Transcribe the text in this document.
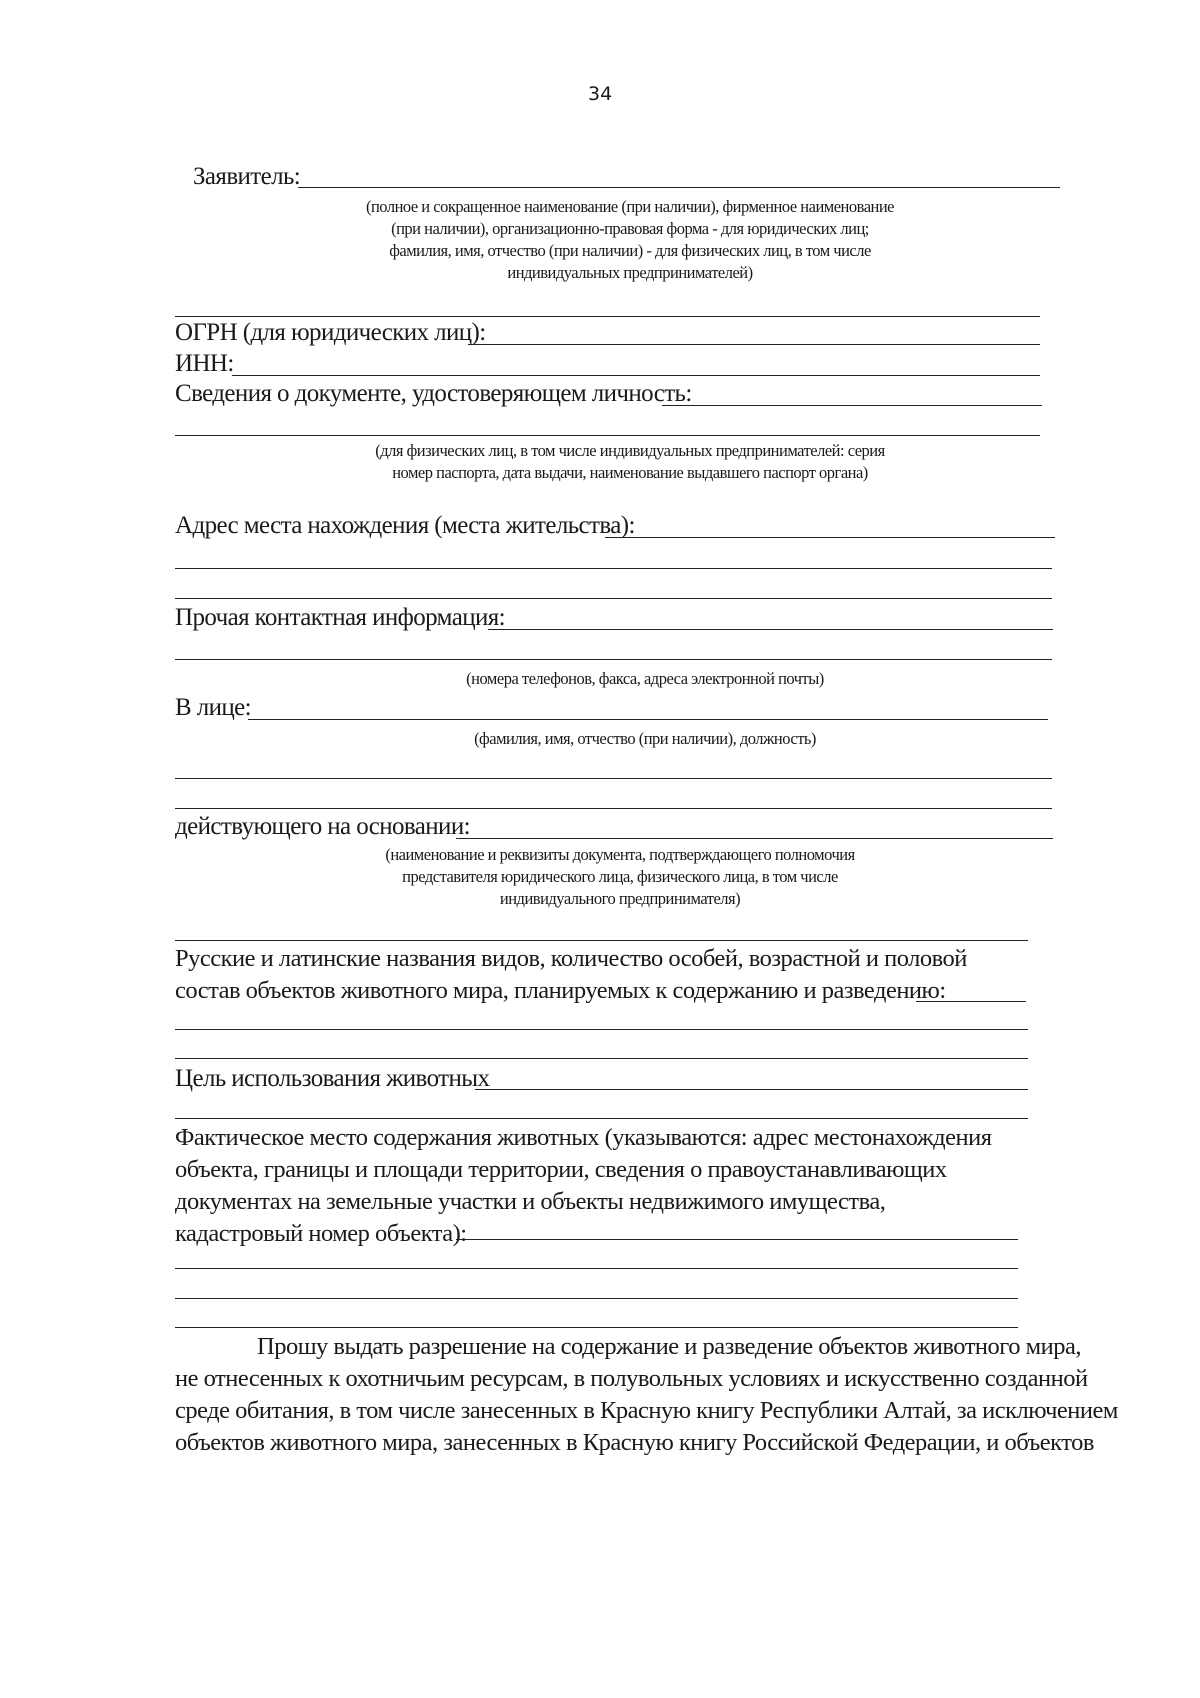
34
Заявитель:
(полное и сокращенное наименование (при наличии), фирменное наименование
(при наличии), организационно-правовая форма - для юридических лиц;
фамилия, имя, отчество (при наличии) - для физических лиц, в том числе
индивидуальных предпринимателей)
ОГРН (для юридических лиц):
ИНН:
Сведения о документе, удостоверяющем личность:
(для физических лиц, в том числе индивидуальных предпринимателей: серия
номер паспорта, дата выдачи, наименование выдавшего паспорт органа)
Адрес места нахождения (места жительства):
Прочая контактная информация:
(номера телефонов, факса, адреса электронной почты)
В лице:
(фамилия, имя, отчество (при наличии), должность)
действующего на основании:
(наименование и реквизиты документа, подтверждающего полномочия
представителя юридического лица, физического лица, в том числе
индивидуального предпринимателя)
Русские и латинские названия видов, количество особей, возрастной и половой
состав объектов животного мира, планируемых к содержанию и разведению:
Цель использования животных
Фактическое место содержания животных (указываются: адрес местонахождения
объекта, границы и площади территории, сведения о правоустанавливающих
документах на земельные участки и объекты недвижимого имущества,
кадастровый номер объекта):
Прошу выдать разрешение на содержание и разведение объектов животного мира,
не отнесенных к охотничьим ресурсам, в полувольных условиях и искусственно созданной
среде обитания, в том числе занесенных в Красную книгу Республики Алтай, за исключением
объектов животного мира, занесенных в Красную книгу Российской Федерации, и объектов
